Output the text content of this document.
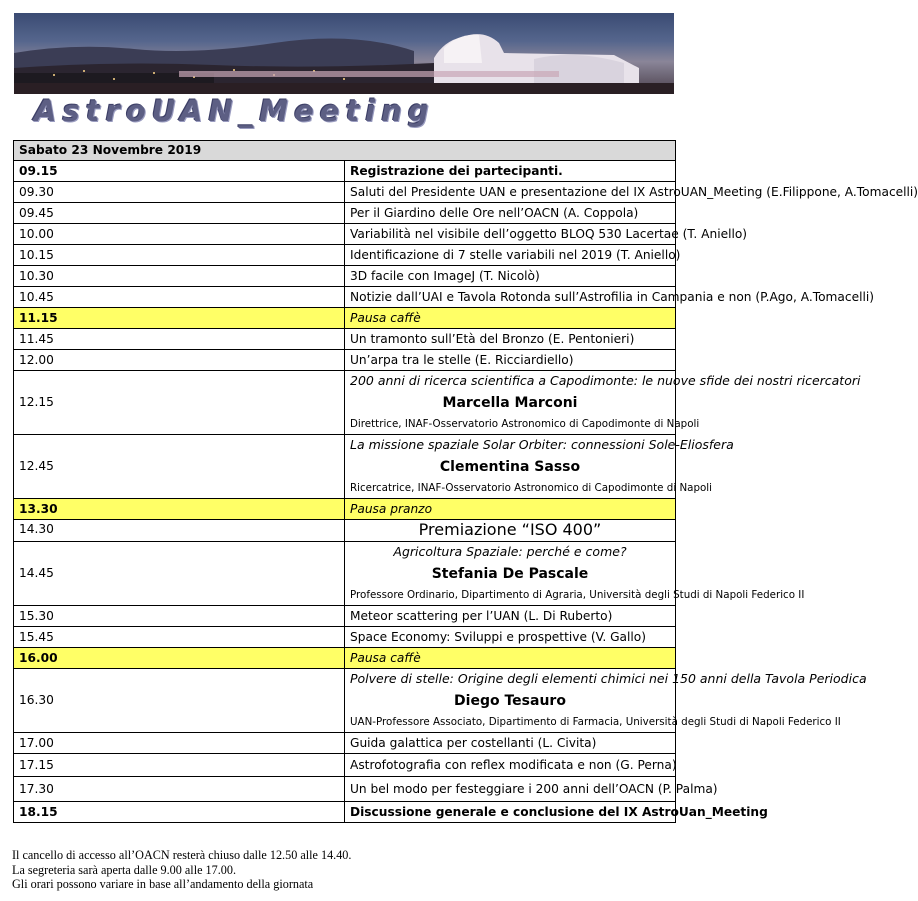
AstroUAN_Meeting
Sabato 23 Novembre 2019	
09.15	Registrazione dei partecipanti.
09.30	Saluti del Presidente UAN e presentazione del IX AstroUAN_Meeting (E.Filippone, A.Tomacelli)
09.45	Per il Giardino delle Ore nell’OACN (A. Coppola)
10.00	Variabilità nel visibile dell’oggetto BLOQ 530 Lacertae (T. Aniello)
10.15	Identificazione di 7 stelle variabili nel 2019 (T. Aniello)
10.30	3D facile con ImageJ (T. Nicolò)
10.45	Notizie dall’UAI e Tavola Rotonda sull’Astrofilia in Campania e non (P.Ago, A.Tomacelli)
11.15	Pausa caffè
11.45	Un tramonto sull’Età del Bronzo (E. Pentonieri)
12.00	Un’arpa tra le stelle (E. Ricciardiello)
12.15	200 anni di ricerca scientifica a Capodimonte: le nuove sfide dei nostri ricercatori
Marcella Marconi
Direttrice, INAF-Osservatorio Astronomico di Capodimonte di Napoli

12.45	La missione spaziale Solar Orbiter: connessioni Sole-Eliosfera
Clementina Sasso
Ricercatrice, INAF-Osservatorio Astronomico di Capodimonte di Napoli

13.30	Pausa pranzo
14.30	Premiazione “ISO 400”
14.45	Agricoltura Spaziale: perché e come?
Stefania De Pascale
Professore Ordinario, Dipartimento di Agraria, Università degli Studi di Napoli Federico II

15.30	Meteor scattering per l’UAN (L. Di Ruberto)
15.45	Space Economy: Sviluppi e prospettive (V. Gallo)
16.00	Pausa caffè
16.30	Polvere di stelle: Origine degli elementi chimici nei 150 anni della Tavola Periodica
Diego Tesauro
UAN-Professore Associato, Dipartimento di Farmacia, Università degli Studi di Napoli Federico II

17.00	Guida galattica per costellanti (L. Civita)
17.15	Astrofotografia con reflex modificata e non (G. Perna)
17.30	Un bel modo per festeggiare i 200 anni dell’OACN (P. Palma)
18.15	Discussione generale e conclusione del IX AstroUan_Meeting
Il cancello di accesso all’OACN resterà chiuso dalle 12.50 alle 14.40.
La segreteria sarà aperta dalle 9.00 alle 17.00.
Gli orari possono variare in base all’andamento della giornata
